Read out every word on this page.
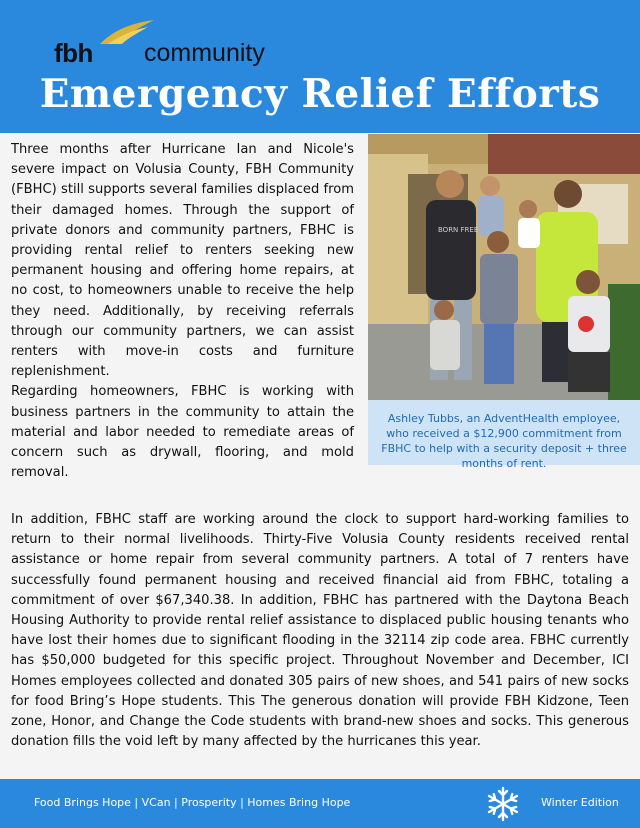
fbh community
Emergency Relief Efforts

Three months after Hurricane Ian and Nicole's severe impact on Volusia County, FBH Community (FBHC) still supports several families displaced from their damaged homes. Through the support of private donors and community partners, FBHC is providing rental relief to renters seeking new permanent housing and offering home repairs, at no cost, to homeowners unable to receive the help they need. Additionally, by receiving referrals through our community partners, we can assist renters with move-in costs and furniture replenishment.

Regarding homeowners, FBHC is working with business partners in the community to attain the material and labor needed to remediate areas of concern such as drywall, flooring, and mold removal.

BORN FREE
Ashley Tubbs, an AdventHealth employee, who received a $12,900 commitment from FBHC to help with a security deposit + three months of rent.
In addition, FBHC staff are working around the clock to support hard-working families to return to their normal livelihoods. Thirty-Five Volusia County residents received rental assistance or home repair from several community partners. A total of 7 renters have successfully found permanent housing and received financial aid from FBHC, totaling a commitment of over $67,340.38. In addition, FBHC has partnered with the Daytona Beach Housing Authority to provide rental relief assistance to displaced public housing tenants who have lost their homes due to significant flooding in the 32114 zip code area. FBHC currently has $50,000 budgeted for this specific project. Throughout November and December, ICI Homes employees collected and donated 305 pairs of new shoes, and 541 pairs of new socks for food Bring’s Hope students. This The generous donation will provide FBH Kidzone, Teen zone, Honor, and Change the Code students with brand-new shoes and socks. This generous donation fills the void left by many affected by the hurricanes this year.
Food Brings Hope | VCan | Prosperity | Homes Bring Hope	Winter Edition
